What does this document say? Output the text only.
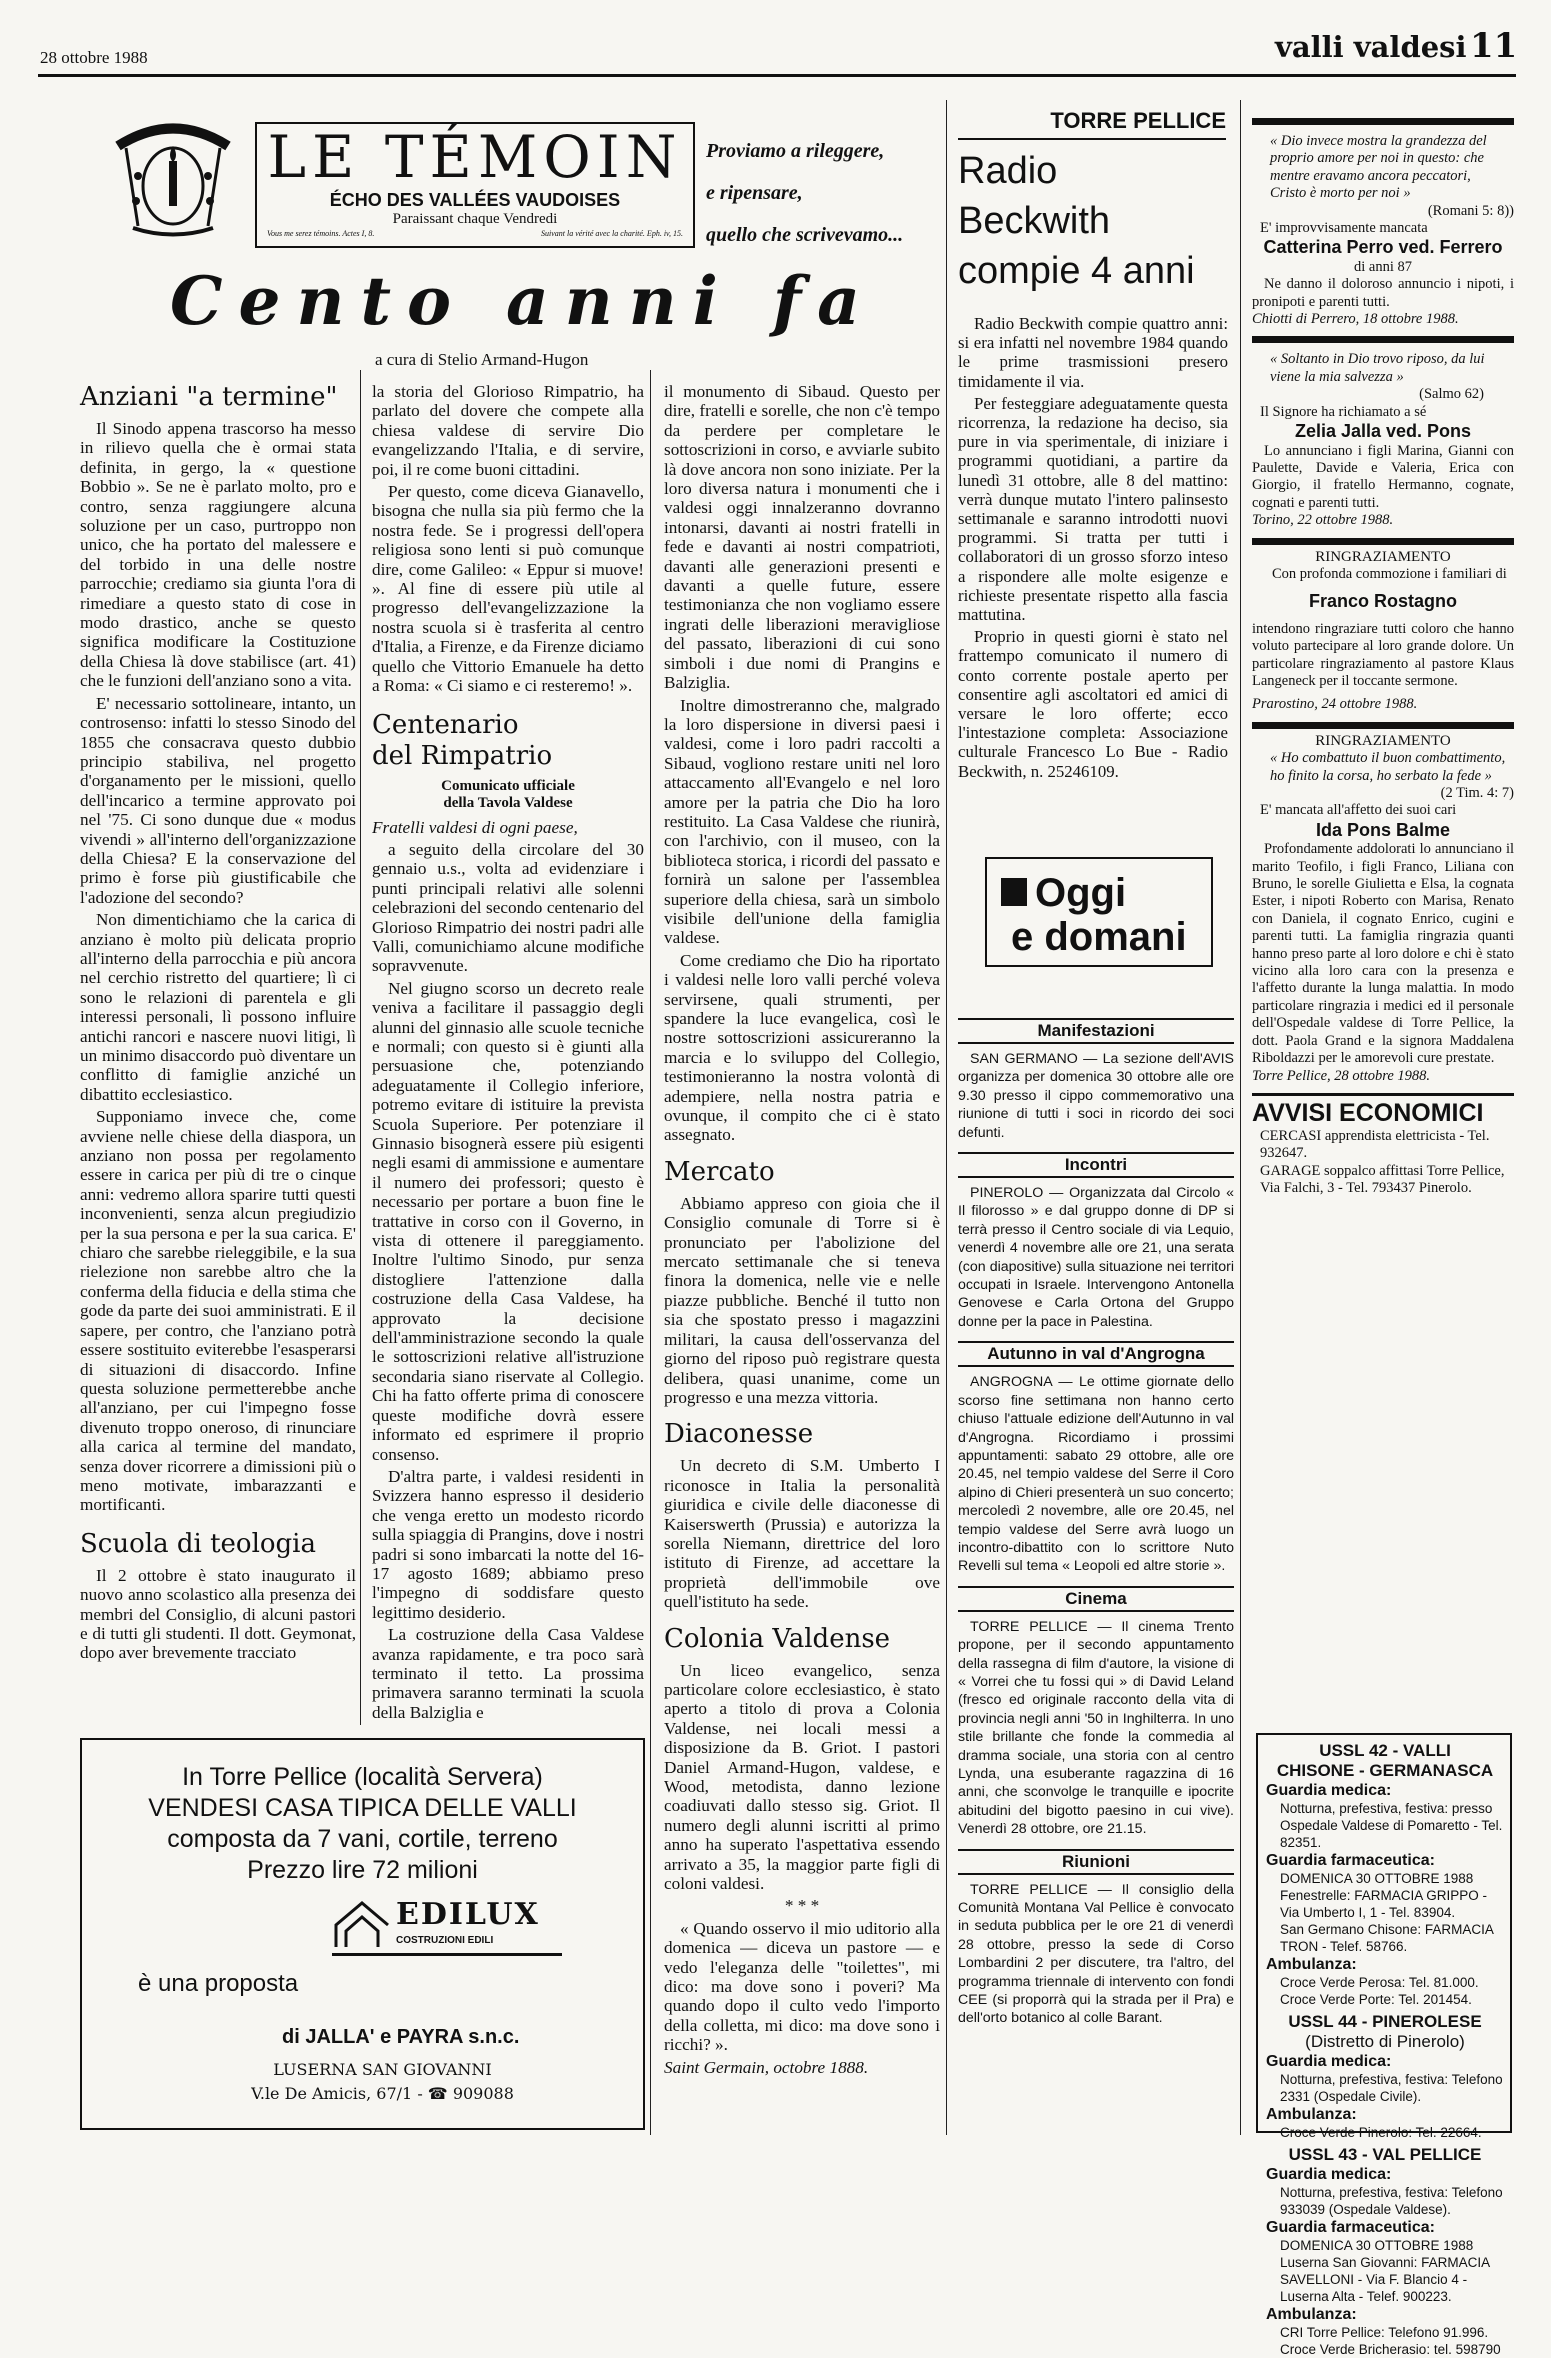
28 ottobre 1988	valli valdesi 11
LE TÉMOIN
ÉCHO DES VALLÉES VAUDOISES
Paraissant chaque Vendredi
Vous me serez témoins. Actes I, 8.	Suivant la vérité avec la charité. Eph. iv, 15.
Proviamo a rileggere,
e ripensare,
quello che scrivevamo...
Cento anni fa
a cura di Stelio Armand-Hugon
Anziani "a termine"

Il Sinodo appena trascorso ha messo in rilievo quella che è ormai stata definita, in gergo, la « questione Bobbio ». Se ne è parlato molto, pro e contro, senza raggiungere alcuna soluzione per un caso, purtroppo non unico, che ha portato del malessere e del torbido in una delle nostre parrocchie; crediamo sia giunta l'ora di rimediare a questo stato di cose in modo drastico, anche se questo significa modificare la Costituzione della Chiesa là dove stabilisce (art. 41) che le funzioni dell'anziano sono a vita.

E' necessario sottolineare, intanto, un controsenso: infatti lo stesso Sinodo del 1855 che consacrava questo dubbio principio stabiliva, nel progetto d'organamento per le missioni, quello dell'incarico a termine approvato poi nel '75. Ci sono dunque due « modus vivendi » all'interno dell'organizzazione della Chiesa? E la conservazione del primo è forse più giustificabile che l'adozione del secondo?

Non dimentichiamo che la carica di anziano è molto più delicata proprio all'interno della parrocchia e più ancora nel cerchio ristretto del quartiere; lì ci sono le relazioni di parentela e gli interessi personali, lì possono influire antichi rancori e nascere nuovi litigi, lì un minimo disaccordo può diventare un conflitto di famiglie anziché un dibattito ecclesiastico.

Supponiamo invece che, come avviene nelle chiese della diaspora, un anziano non possa per regolamento essere in carica per più di tre o cinque anni: vedremo allora sparire tutti questi inconvenienti, senza alcun pregiudizio per la sua persona e per la sua carica. E' chiaro che sarebbe rieleggibile, e la sua rielezione non sarebbe altro che la conferma della fiducia e della stima che gode da parte dei suoi amministrati. E il sapere, per contro, che l'anziano potrà essere sostituito eviterebbe l'esasperarsi di situazioni di disaccordo. Infine questa soluzione permetterebbe anche all'anziano, per cui l'impegno fosse divenuto troppo oneroso, di rinunciare alla carica al termine del mandato, senza dover ricorrere a dimissioni più o meno motivate, imbarazzanti e mortificanti.

Scuola di teologia

Il 2 ottobre è stato inaugurato il nuovo anno scolastico alla presenza dei membri del Consiglio, di alcuni pastori e di tutti gli studenti. Il dott. Geymonat, dopo aver brevemente tracciato

la storia del Glorioso Rimpatrio, ha parlato del dovere che compete alla chiesa valdese di servire Dio evangelizzando l'Italia, e di servire, poi, il re come buoni cittadini.

Per questo, come diceva Gianavello, bisogna che nulla sia più fermo che la nostra fede. Se i progressi dell'opera religiosa sono lenti si può comunque dire, come Galileo: « Eppur si muove! ». Al fine di essere più utile al progresso dell'evangelizzazione la nostra scuola si è trasferita al centro d'Italia, a Firenze, e da Firenze diciamo quello che Vittorio Emanuele ha detto a Roma: « Ci siamo e ci resteremo! ».

Centenario
del Rimpatrio
Comunicato ufficiale
della Tavola Valdese

Fratelli valdesi di ogni paese,

a seguito della circolare del 30 gennaio u.s., volta ad evidenziare i punti principali relativi alle solenni celebrazioni del secondo centenario del Glorioso Rimpatrio dei nostri padri alle Valli, comunichiamo alcune modifiche sopravvenute.

Nel giugno scorso un decreto reale veniva a facilitare il passaggio degli alunni del ginnasio alle scuole tecniche e normali; con questo si è giunti alla persuasione che, potenziando adeguatamente il Collegio inferiore, potremo evitare di istituire la prevista Scuola Superiore. Per potenziare il Ginnasio bisognerà essere più esigenti negli esami di ammissione e aumentare il numero dei professori; questo è necessario per portare a buon fine le trattative in corso con il Governo, in vista di ottenere il pareggiamento. Inoltre l'ultimo Sinodo, pur senza distogliere l'attenzione dalla costruzione della Casa Valdese, ha approvato la decisione dell'amministrazione secondo la quale le sottoscrizioni relative all'istruzione secondaria siano riservate al Collegio. Chi ha fatto offerte prima di conoscere queste modifiche dovrà essere informato ed esprimere il proprio consenso.

D'altra parte, i valdesi residenti in Svizzera hanno espresso il desiderio che venga eretto un modesto ricordo sulla spiaggia di Prangins, dove i nostri padri si sono imbarcati la notte del 16-17 agosto 1689; abbiamo preso l'impegno di soddisfare questo legittimo desiderio.

La costruzione della Casa Valdese avanza rapidamente, e tra poco sarà terminato il tetto. La prossima primavera saranno terminati la scuola della Balziglia e

il monumento di Sibaud. Questo per dire, fratelli e sorelle, che non c'è tempo da perdere per completare le sottoscrizioni in corso, e avviarle subito là dove ancora non sono iniziate. Per la loro diversa natura i monumenti che i valdesi oggi innalzeranno dovranno intonarsi, davanti ai nostri fratelli in fede e davanti ai nostri compatrioti, davanti alle generazioni presenti e davanti a quelle future, essere testimonianza che non vogliamo essere ingrati delle liberazioni meravigliose del passato, liberazioni di cui sono simboli i due nomi di Prangins e Balziglia.

Inoltre dimostreranno che, malgrado la loro dispersione in diversi paesi i valdesi, come i loro padri raccolti a Sibaud, vogliono restare uniti nel loro attaccamento all'Evangelo e nel loro amore per la patria che Dio ha loro restituito. La Casa Valdese che riunirà, con l'archivio, con il museo, con la biblioteca storica, i ricordi del passato e fornirà un salone per l'assemblea superiore della chiesa, sarà un simbolo visibile dell'unione della famiglia valdese.

Come crediamo che Dio ha riportato i valdesi nelle loro valli perché voleva servirsene, quali strumenti, per spandere la luce evangelica, così le nostre sottoscrizioni assicureranno la marcia e lo sviluppo del Collegio, testimonieranno la nostra volontà di adempiere, nella nostra patria e ovunque, il compito che ci è stato assegnato.

Mercato

Abbiamo appreso con gioia che il Consiglio comunale di Torre si è pronunciato per l'abolizione del mercato settimanale che si teneva finora la domenica, nelle vie e nelle piazze pubbliche. Benché il tutto non sia che spostato presso i magazzini militari, la causa dell'osservanza del giorno del riposo può registrare questa delibera, quasi unanime, come un progresso e una mezza vittoria.

Diaconesse

Un decreto di S.M. Umberto I riconosce in Italia la personalità giuridica e civile delle diaconesse di Kaiserswerth (Prussia) e autorizza la sorella Niemann, direttrice del loro istituto di Firenze, ad accettare la proprietà dell'immobile ove quell'istituto ha sede.

Colonia Valdense

Un liceo evangelico, senza particolare colore ecclesiastico, è stato aperto a titolo di prova a Colonia Valdense, nei locali messi a disposizione da B. Griot. I pastori Daniel Armand-Hugon, valdese, e Wood, metodista, danno lezione coadiuvati dallo stesso sig. Griot. Il numero degli alunni iscritti al primo anno ha superato l'aspettativa essendo arrivato a 35, la maggior parte figli di coloni valdesi.

* * *

« Quando osservo il mio uditorio alla domenica — diceva un pastore — e vedo l'eleganza delle "toilettes", mi dico: ma dove sono i poveri? Ma quando dopo il culto vedo l'importo della colletta, mi dico: ma dove sono i ricchi? ».

Saint Germain, octobre 1888.

In Torre Pellice (località Servera)
VENDESI CASA TIPICA DELLE VALLI
composta da 7 vani, cortile, terreno
Prezzo lire 72 milioni
EDILUX
COSTRUZIONI EDILI
è una proposta
di JALLA' e PAYRA s.n.c.
LUSERNA SAN GIOVANNI
V.le De Amicis, 67/1 - ☎ 909088
TORRE PELLICE
Radio
Beckwith
compie 4 anni

Radio Beckwith compie quattro anni: si era infatti nel novembre 1984 quando le prime trasmissioni presero timidamente il via.

Per festeggiare adeguatamente questa ricorrenza, la redazione ha deciso, sia pure in via sperimentale, di iniziare i programmi quotidiani, a partire da lunedì 31 ottobre, alle 8 del mattino: verrà dunque mutato l'intero palinsesto settimanale e saranno introdotti nuovi programmi. Si tratta per tutti i collaboratori di un grosso sforzo inteso a rispondere alle molte esigenze e richieste presentate rispetto alla fascia mattutina.

Proprio in questi giorni è stato nel frattempo comunicato il numero di conto corrente postale aperto per consentire agli ascoltatori ed amici di versare le loro offerte; ecco l'intestazione completa: Associazione culturale Francesco Lo Bue - Radio Beckwith, n. 25246109.

Oggi
e domani
Manifestazioni

SAN GERMANO — La sezione dell'AVIS organizza per domenica 30 ottobre alle ore 9.30 presso il cippo commemorativo una riunione di tutti i soci in ricordo dei soci defunti.

Incontri

PINEROLO — Organizzata dal Circolo « Il filorosso » e dal gruppo donne di DP si terrà presso il Centro sociale di via Lequio, venerdì 4 novembre alle ore 21, una serata (con diapositive) sulla situazione nei territori occupati in Israele. Intervengono Antonella Genovese e Carla Ortona del Gruppo donne per la pace in Palestina.

Autunno in val d'Angrogna

ANGROGNA — Le ottime giornate dello scorso fine settimana non hanno certo chiuso l'attuale edizione dell'Autunno in val d'Angrogna. Ricordiamo i prossimi appuntamenti: sabato 29 ottobre, alle ore 20.45, nel tempio valdese del Serre il Coro alpino di Chieri presenterà un suo concerto; mercoledì 2 novembre, alle ore 20.45, nel tempio valdese del Serre avrà luogo un incontro-dibattito con lo scrittore Nuto Revelli sul tema « Leopoli ed altre storie ».

Cinema

TORRE PELLICE — Il cinema Trento propone, per il secondo appuntamento della rassegna di film d'autore, la visione di « Vorrei che tu fossi qui » di David Leland (fresco ed originale racconto della vita di provincia negli anni '50 in Inghilterra. In uno stile brillante che fonde la commedia al dramma sociale, una storia con al centro Lynda, una esuberante ragazzina di 16 anni, che sconvolge le tranquille e ipocrite abitudini del bigotto paesino in cui vive). Venerdì 28 ottobre, ore 21.15.

Riunioni

TORRE PELLICE — Il consiglio della Comunità Montana Val Pellice è convocato in seduta pubblica per le ore 21 di venerdì 28 ottobre, presso la sede di Corso Lombardini 2 per discutere, tra l'altro, del programma triennale di intervento con fondi CEE (si proporrà qui la strada per il Pra) e dell'orto botanico al colle Barant.

« Dio invece mostra la grandezza del proprio amore per noi in questo: che mentre eravamo ancora peccatori, Cristo è morto per noi »
(Romani 5: 8))
E' improvvisamente mancata
Catterina Perro ved. Ferrero
di anni 87
Ne danno il doloroso annuncio i nipoti, i pronipoti e parenti tutti.
Chiotti di Perrero, 18 ottobre 1988.
« Soltanto in Dio trovo riposo, da lui viene la mia salvezza »
(Salmo 62)
Il Signore ha richiamato a sé
Zelia Jalla ved. Pons
Lo annunciano i figli Marina, Gianni con Paulette, Davide e Valeria, Erica con Giorgio, il fratello Hermanno, cognate, cognati e parenti tutti.
Torino, 22 ottobre 1988.
RINGRAZIAMENTO
Con profonda commozione i familiari di
Franco Rostagno
intendono ringraziare tutti coloro che hanno voluto partecipare al loro grande dolore. Un particolare ringraziamento al pastore Klaus Langeneck per il toccante sermone.
Prarostino, 24 ottobre 1988.
RINGRAZIAMENTO
« Ho combattuto il buon combattimento, ho finito la corsa, ho serbato la fede »
(2 Tim. 4: 7)
E' mancata all'affetto dei suoi cari
Ida Pons Balme
Profondamente addolorati lo annunciano il marito Teofilo, i figli Franco, Liliana con Bruno, le sorelle Giulietta e Elsa, la cognata Ester, i nipoti Roberto con Marisa, Renato con Daniela, il cognato Enrico, cugini e parenti tutti. La famiglia ringrazia quanti hanno preso parte al loro dolore e chi è stato vicino alla loro cara con la presenza e l'affetto durante la lunga malattia. In modo particolare ringrazia i medici ed il personale dell'Ospedale valdese di Torre Pellice, la dott. Paola Grand e la signora Maddalena Riboldazzi per le amorevoli cure prestate.
Torre Pellice, 28 ottobre 1988.
AVVISI ECONOMICI
CERCASI apprendista elettricista - Tel. 932647.
GARAGE soppalco affittasi Torre Pellice, Via Falchi, 3 - Tel. 793437 Pinerolo.
USSL 42 - VALLI
CHISONE - GERMANASCA
Guardia medica:
Notturna, prefestiva, festiva: presso Ospedale Valdese di Pomaretto - Tel. 82351.
Guardia farmaceutica:
DOMENICA 30 OTTOBRE 1988
Fenestrelle: FARMACIA GRIPPO - Via Umberto I, 1 - Tel. 83904.
San Germano Chisone: FARMACIA TRON - Telef. 58766.
Ambulanza:
Croce Verde Perosa: Tel. 81.000.
Croce Verde Porte: Tel. 201454.
USSL 44 - PINEROLESE
(Distretto di Pinerolo)
Guardia medica:
Notturna, prefestiva, festiva: Telefono 2331 (Ospedale Civile).
Ambulanza:
Croce Verde Pinerolo: Tel. 22664.
USSL 43 - VAL PELLICE
Guardia medica:
Notturna, prefestiva, festiva: Telefono 933039 (Ospedale Valdese).
Guardia farmaceutica:
DOMENICA 30 OTTOBRE 1988
Luserna San Giovanni: FARMACIA SAVELLONI - Via F. Blancio 4 - Luserna Alta - Telef. 900223.
Ambulanza:
CRI Torre Pellice: Telefono 91.996.
Croce Verde Bricherasio: tel. 598790
